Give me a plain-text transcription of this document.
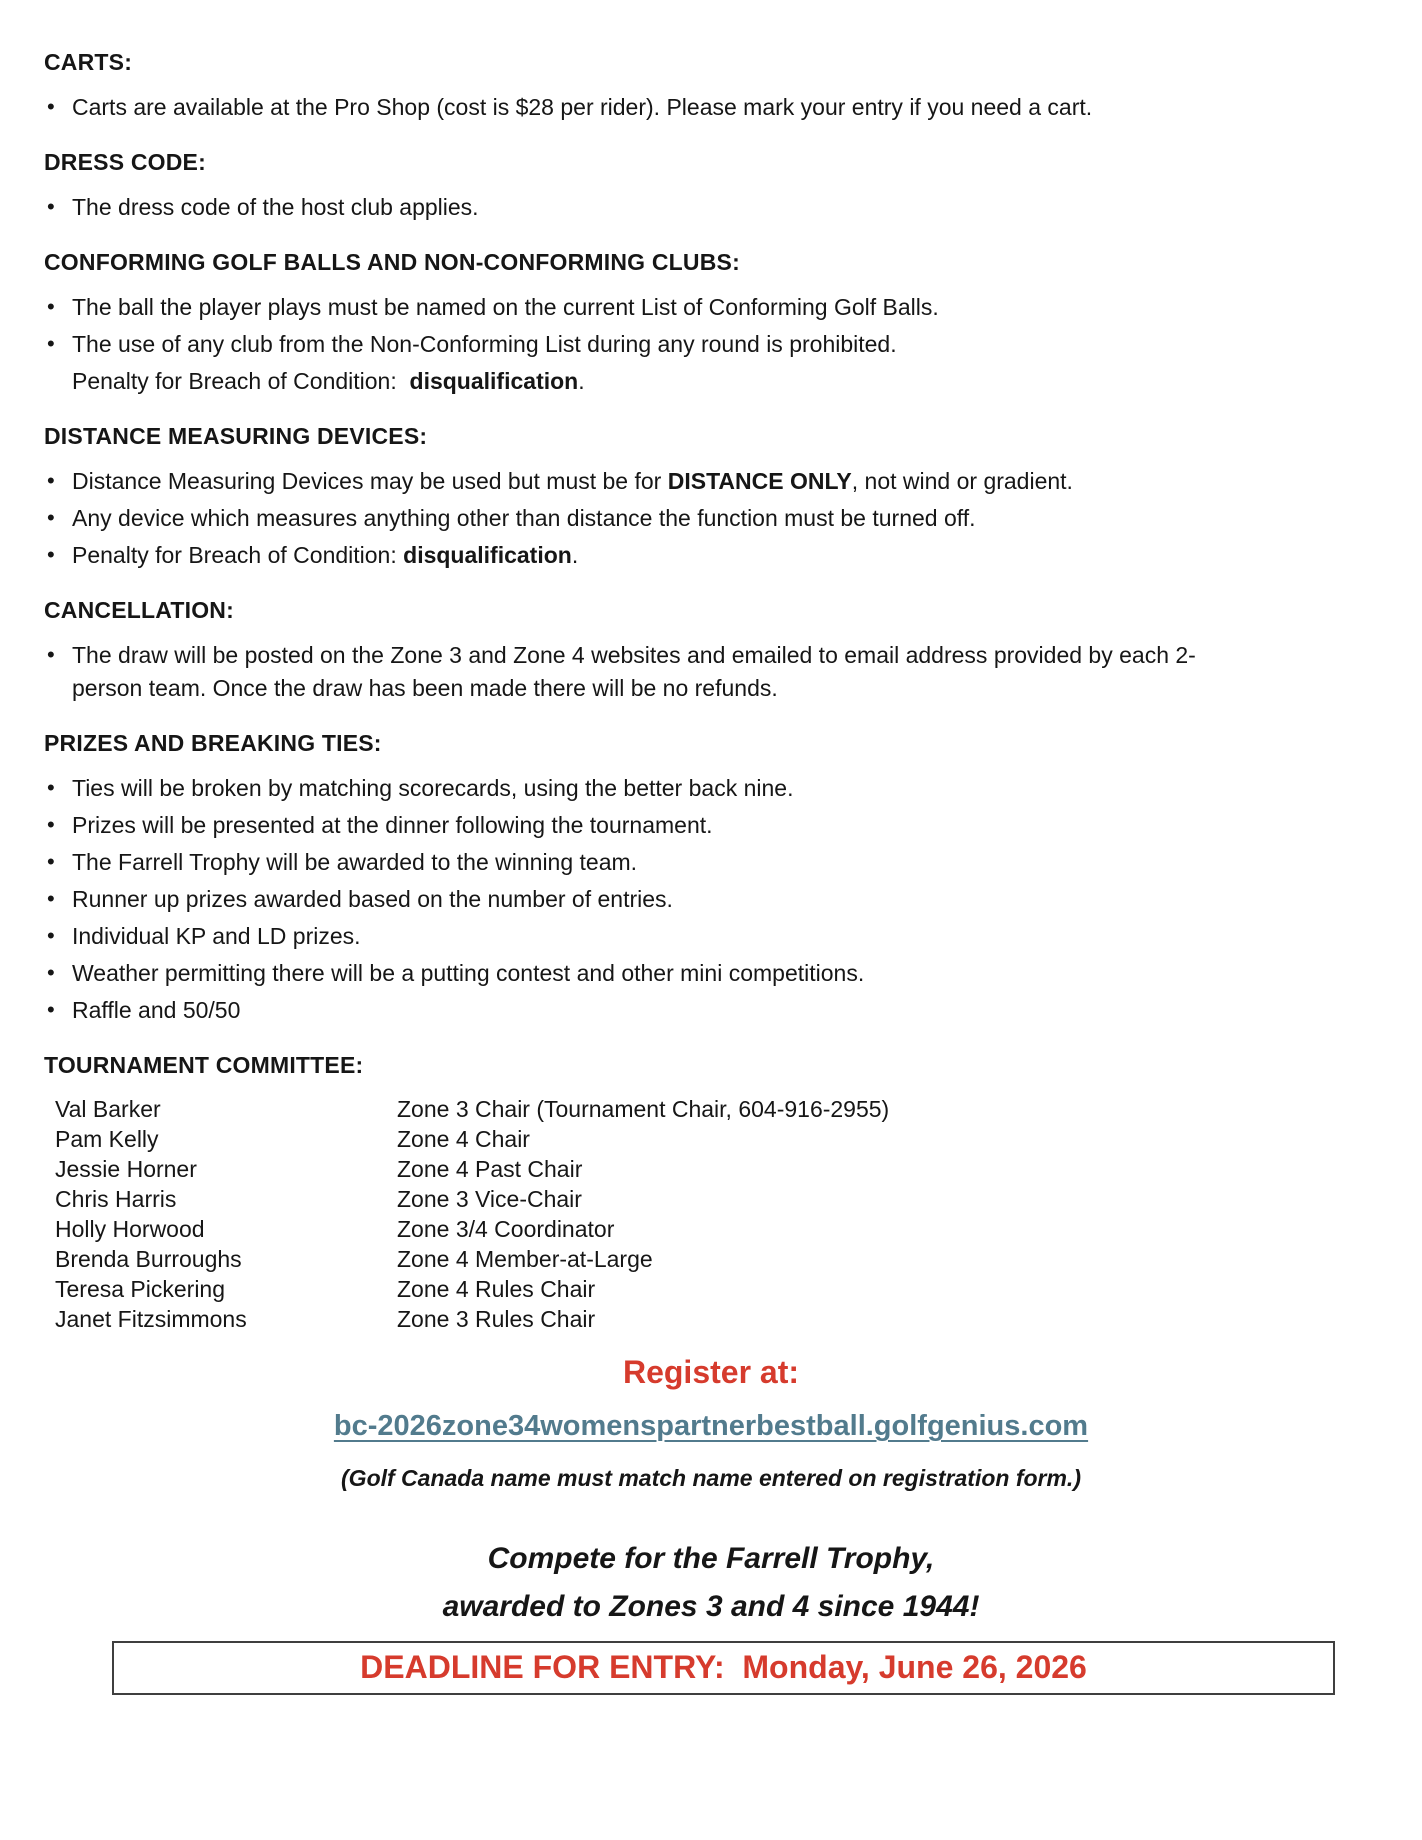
CARTS:
• Carts are available at the Pro Shop (cost is $28 per rider). Please mark your entry if you need a cart.
DRESS CODE:
• The dress code of the host club applies.
CONFORMING GOLF BALLS AND NON-CONFORMING CLUBS:
• The ball the player plays must be named on the current List of Conforming Golf Balls.
• The use of any club from the Non-Conforming List during any round is prohibited.
Penalty for Breach of Condition:  disqualification.
DISTANCE MEASURING DEVICES:
• Distance Measuring Devices may be used but must be for DISTANCE ONLY, not wind or gradient.
• Any device which measures anything other than distance the function must be turned off.
• Penalty for Breach of Condition: disqualification.
CANCELLATION:
• The draw will be posted on the Zone 3 and Zone 4 websites and emailed to email address provided by each 2-person team. Once the draw has been made there will be no refunds.
PRIZES AND BREAKING TIES:
• Ties will be broken by matching scorecards, using the better back nine.
• Prizes will be presented at the dinner following the tournament.
• The Farrell Trophy will be awarded to the winning team.
• Runner up prizes awarded based on the number of entries.
• Individual KP and LD prizes.
• Weather permitting there will be a putting contest and other mini competitions.
• Raffle and 50/50
TOURNAMENT COMMITTEE:
Val Barker	Zone 3 Chair (Tournament Chair, 604-916-2955)
Pam Kelly	Zone 4 Chair
Jessie Horner	Zone 4 Past Chair
Chris Harris	Zone 3 Vice-Chair
Holly Horwood	Zone 3/4 Coordinator
Brenda Burroughs	Zone 4 Member-at-Large
Teresa Pickering	Zone 4 Rules Chair
Janet Fitzsimmons	Zone 3 Rules Chair
Register at:
bc-2026zone34womenspartnerbestball.golfgenius.com
(Golf Canada name must match name entered on registration form.)
Compete for the Farrell Trophy,
awarded to Zones 3 and 4 since 1944!
DEADLINE FOR ENTRY:  Monday, June 26, 2026
